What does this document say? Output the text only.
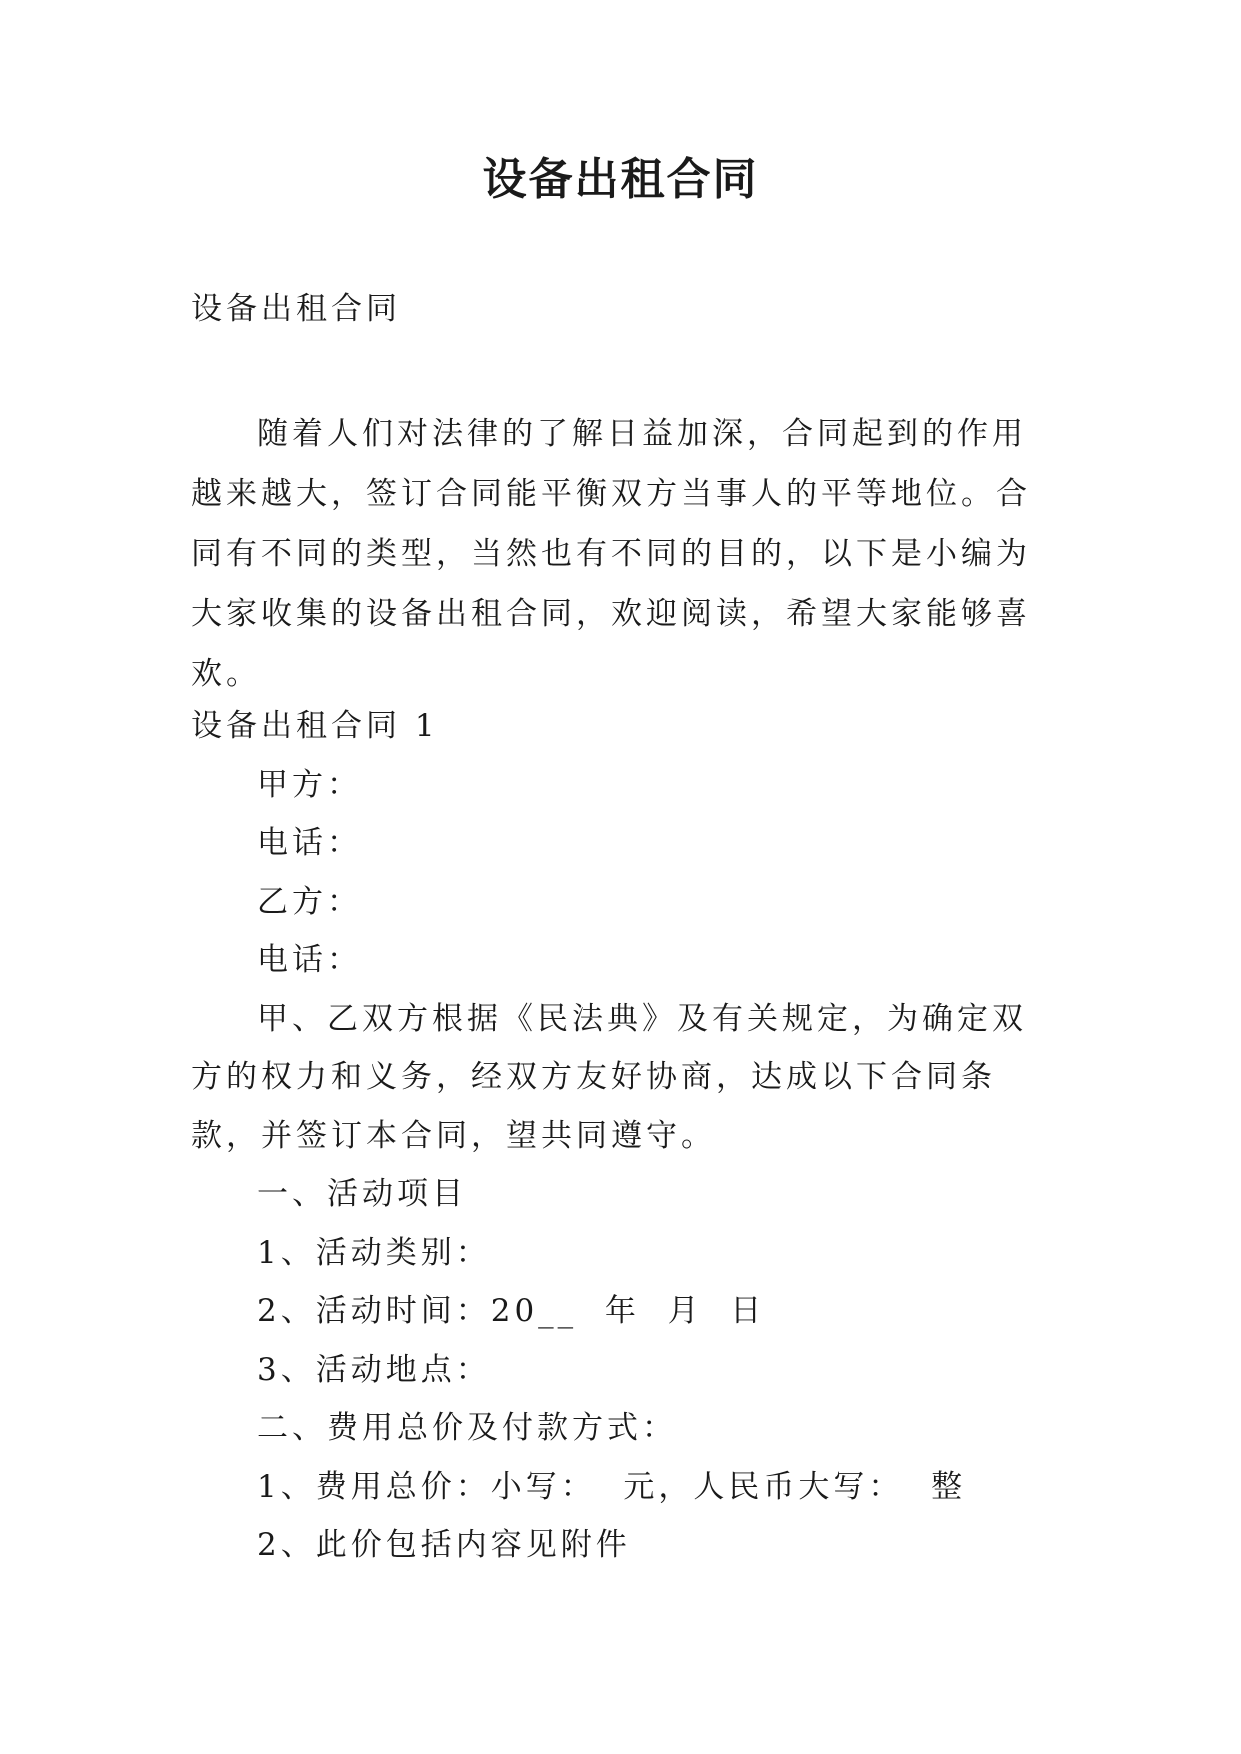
设备出租合同
设备出租合同
随着人们对法律的了解日益加深，合同起到的作用越来越大，签订合同能平衡双方当事人的平等地位。合同有不同的类型，当然也有不同的目的，以下是小编为大家收集的设备出租合同，欢迎阅读，希望大家能够喜欢。

设备出租合同 1

甲方：

电话：

乙方：

电话：

甲、乙双方根据《民法典》及有关规定，为确定双方的权力和义务，经双方友好协商，达成以下合同条款，并签订本合同，望共同遵守。

一、活动项目

1、活动类别：

2、活动时间：20__  年  月  日

3、活动地点：

二、费用总价及付款方式：

1、费用总价：小写：  元，人民币大写：  整

2、此价包括内容见附件
